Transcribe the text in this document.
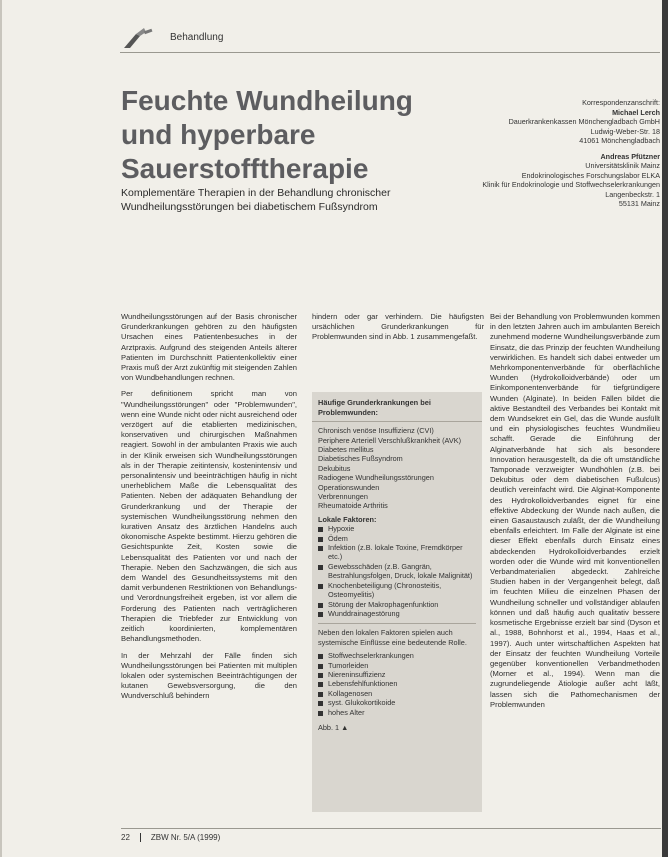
Behandlung
Feuchte Wundheilung
und hyperbare
Sauerstofftherapie
Komplementäre Therapien in der Behandlung chronischer Wundheilungsstörungen bei diabetischem Fußsyndrom
Korrespondenzanschrift:
Michael Lerch
Dauerkrankenkassen Mönchengladbach GmbH
Ludwig-Weber-Str. 18
41061 Mönchengladbach
Andreas Pfützner
Universitätsklinik Mainz
Endokrinologisches Forschungslabor ELKA
Klinik für Endokrinologie und Stoffwechselerkrankungen
Langenbeckstr. 1
55131 Mainz

Wundheilungsstörungen auf der Basis chronischer Grunderkrankungen gehören zu den häufigsten Ursachen eines Patientenbesuches in der Arztpraxis. Aufgrund des steigenden Anteils älterer Patienten im Durchschnitt Patientenkollektiv einer Praxis muß der Arzt zukünftig mit steigenden Zahlen von Wundbehandlungen rechnen.

Per definitionem spricht man von "Wundheilungsstörungen" oder "Problemwunden", wenn eine Wunde nicht oder nicht ausreichend oder verzögert auf die etablierten medizinischen, konservativen und chirurgischen Maßnahmen reagiert. Sowohl in der ambulanten Praxis wie auch in der Klinik erweisen sich Wundheilungsstörungen als in der Therapie zeitintensiv, kostenintensiv und personalintensiv und beeinträchtigen häufig in nicht unerheblichem Maße die Lebensqualität des Patienten. Neben der adäquaten Behandlung der Grunderkrankung und der Therapie der systemischen Wundheilungsstörung nehmen den kurativen Ansatz des ärztlichen Handelns auch ökonomische Aspekte bestimmt. Hierzu gehören die Gesichtspunkte Zeit, Kosten sowie die Lebensqualität des Patienten vor und nach der Therapie. Neben den Sachzwängen, die sich aus dem Wandel des Gesundheitssystems mit den damit verbundenen Restriktionen von Behandlungs- und Verordnungsfreiheit ergeben, ist vor allem die Forderung des Patienten nach verträglicheren Therapien die Triebfeder zur Entwicklung von zeitlich koordinierten, komplementären Behandlungsmethoden.

In der Mehrzahl der Fälle finden sich Wundheilungsstörungen bei Patienten mit multiplen lokalen oder systemischen Beeinträchtigungen der kutanen Gewebsversorgung, die den Wundverschluß behindern

hindern oder gar verhindern. Die häufigsten ursächlichen Grunderkrankungen für Problemwunden sind in Abb. 1 zusammengefaßt.

Häufige Grunderkrankungen bei Problemwunden:
Chronisch venöse Insuffizienz (CVI)
Periphere Arteriell Verschlußkrankheit (AVK)
Diabetes mellitus
Diabetisches Fußsyndrom
Dekubitus
Radiogene Wundheilungsstörungen
Operationswunden
Verbrennungen
Rheumatoide Arthritis
Lokale Faktoren:
Hypoxie
Ödem
Infektion (z.B. lokale Toxine, Fremdkörper etc.)
Gewebsschäden (z.B. Gangrän, Bestrahlungsfolgen, Druck, lokale Malignität)
Knochenbeteiligung (Chronosteitis, Osteomyelitis)
Störung der Makrophagenfunktion
Wunddrainagestörung
Neben den lokalen Faktoren spielen auch systemische Einflüsse eine bedeutende Rolle.
Stoffwechselerkrankungen
Tumorleiden
Niereninsuffizienz
Lebensfehlfunktionen
Kollagenosen
syst. Glukokortikoide
hohes Alter
Abb. 1 ▲

Bei der Behandlung von Problemwunden kommen in den letzten Jahren auch im ambulanten Bereich zunehmend moderne Wundheilungsverbände zum Einsatz, die das Prinzip der feuchten Wundheilung verwirklichen. Es handelt sich dabei entweder um Mehrkomponentenverbände für oberflächliche Wunden (Hydrokolloidverbände) oder um Einkomponentenverbände für tiefgründigere Wunden (Alginate). In beiden Fällen bildet die aktive Bestandteil des Verbandes bei Kontakt mit dem Wundsekret ein Gel, das die Wunde ausfüllt und ein physiologisches feuchtes Wundmilieu schafft. Gerade die Einführung der Alginatverbände hat sich als besondere Innovation herausgestellt, da die oft umständliche Tamponade verzweigter Wundhöhlen (z.B. bei Dekubitus oder dem diabetischen Fußulcus) deutlich vereinfacht wird. Die Alginat-Komponente des Hydrokolloidverbandes eignet für eine effektive Abdeckung der Wunde nach außen, die einen Gasaustausch zuläßt, der die Wundheilung ebenfalls erleichtert. Im Falle der Alginate ist eine dieser Effekt ebenfalls durch Einsatz eines abdeckenden Hydrokolloidverbandes erzielt worden oder die Wunde wird mit konventionellen Verbandmaterialien abgedeckt. Zahlreiche Studien haben in der Vergangenheit belegt, daß im feuchten Milieu die einzelnen Phasen der Wundheilung schneller und vollständiger ablaufen können und daß häufig auch qualitativ bessere kosmetische Ergebnisse erzielt bar sind (Dyson et al., 1988, Bohnhorst et al., 1994, Haas et al., 1997). Auch unter wirtschaftlichen Aspekten hat der Einsatz der feuchten Wundheilung Vorteile gegenüber konventionellen Verbandmethoden (Morner et al., 1994). Wenn man die zugrundeliegende Ätiologie außer acht läßt, lassen sich die Pathomechanismen der Problemwunden

22	ZBW Nr. 5/A (1999)
